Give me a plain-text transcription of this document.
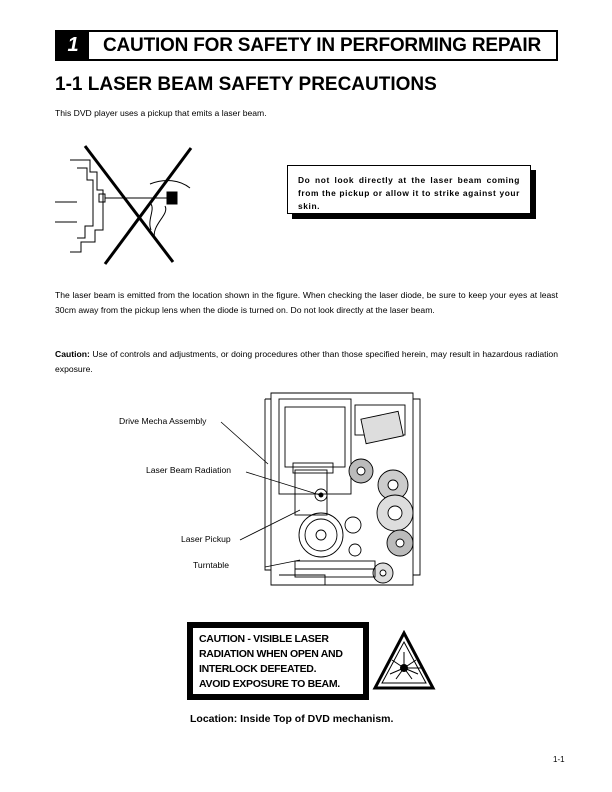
1	CAUTION FOR SAFETY IN PERFORMING REPAIR
1-1 LASER BEAM SAFETY PRECAUTIONS
This DVD player uses a pickup that emits a laser beam.
Do not look directly at the laser beam coming from the pickup or allow it to strike against your skin.
The laser beam is emitted from the location shown in the figure. When checking the laser diode, be sure to keep your eyes at least 30cm away from the pickup lens when the diode is turned on. Do not look directly at the laser beam.
Caution: Use of controls and adjustments, or doing procedures other than those specified herein, may result in hazardous radiation exposure.
Drive Mecha Assembly
Laser Beam Radiation
Laser Pickup
Turntable
CAUTION - VISIBLE LASER
RADIATION WHEN OPEN AND
INTERLOCK DEFEATED.
AVOID EXPOSURE TO BEAM.
Location: Inside Top of DVD mechanism.
1-1
